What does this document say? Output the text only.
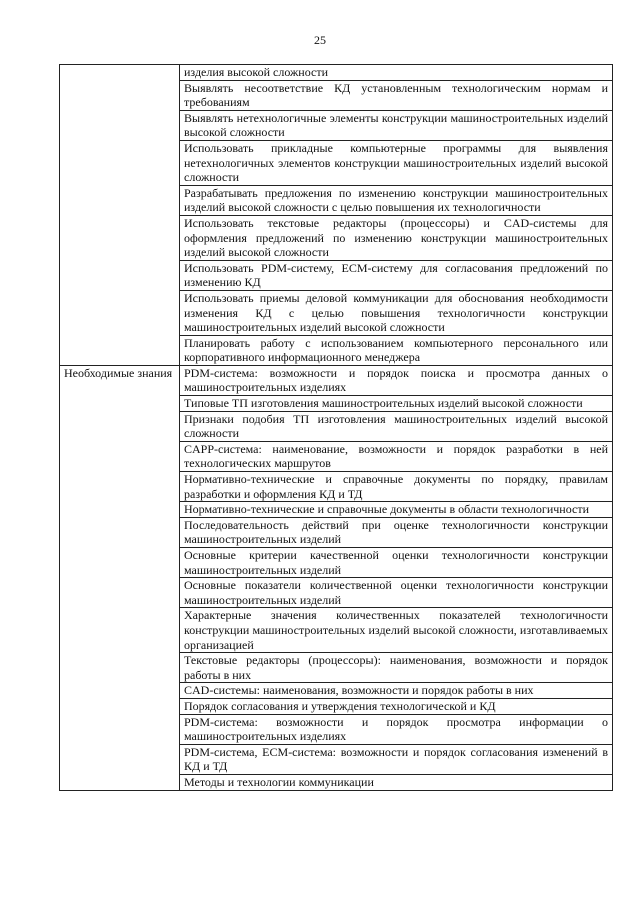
25
	изделия высокой сложности
	Выявлять несоответствие КД установленным технологическим нормам и требованиям
	Выявлять нетехнологичные элементы конструкции машиностроительных изделий высокой сложности
	Использовать прикладные компьютерные программы для выявления нетехнологичных элементов конструкции машиностроительных изделий высокой сложности
	Разрабатывать предложения по изменению конструкции машиностроительных изделий высокой сложности с целью повышения их технологичности
	Использовать текстовые редакторы (процессоры) и CAD-системы для оформления предложений по изменению конструкции машиностроительных изделий высокой сложности
	Использовать PDM-систему, ECM-систему для согласования предложений по изменению КД
	Использовать приемы деловой коммуникации для обоснования необходимости изменения КД с целью повышения технологичности конструкции машиностроительных изделий высокой сложности
	Планировать работу с использованием компьютерного персонального или корпоративного информационного менеджера
Необходимые знания	PDM-система: возможности и порядок поиска и просмотра данных о машиностроительных изделиях
	Типовые ТП изготовления машиностроительных изделий высокой сложности
	Признаки подобия ТП изготовления машиностроительных изделий высокой сложности
	CAPP-система: наименование, возможности и порядок разработки в ней технологических маршрутов
	Нормативно-технические и справочные документы по порядку, правилам разработки и оформления КД и ТД
	Нормативно-технические и справочные документы в области технологичности
	Последовательность действий при оценке технологичности конструкции машиностроительных изделий
	Основные критерии качественной оценки технологичности конструкции машиностроительных изделий
	Основные показатели количественной оценки технологичности конструкции машиностроительных изделий
	Характерные значения количественных показателей технологичности конструкции машиностроительных изделий высокой сложности, изготавливаемых организацией
	Текстовые редакторы (процессоры): наименования, возможности и порядок работы в них
	CAD-системы: наименования, возможности и порядок работы в них
	Порядок согласования и утверждения технологической и КД
	PDM-система: возможности и порядок просмотра информации о машиностроительных изделиях
	PDM-система, ECM-система: возможности и порядок согласования изменений в КД и ТД
	Методы и технологии коммуникации
